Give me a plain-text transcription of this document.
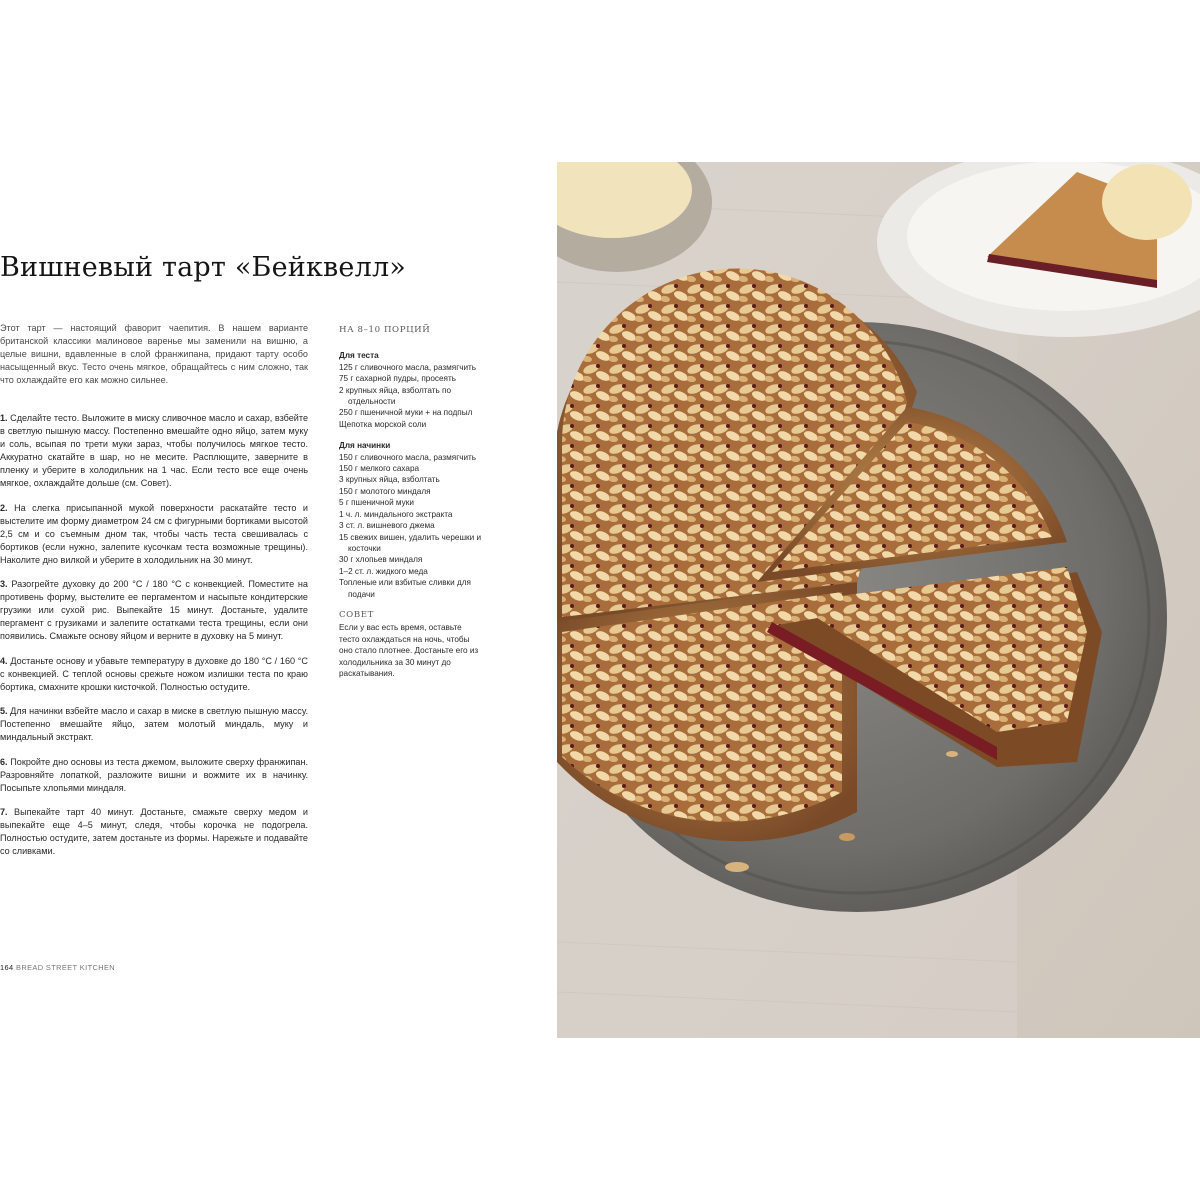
Вишневый тарт «Бейквелл»
Этот тарт — настоящий фаворит чаепития. В нашем варианте британской классики малиновое варенье мы заменили на вишню, а целые вишни, вдавленные в слой франжипана, придают тарту особо насыщенный вкус. Тесто очень мягкое, обращайтесь с ним сложно, так что охлаждайте его как можно сильнее.

1. Сделайте тесто. Выложите в миску сливочное масло и сахар, взбейте в светлую пышную массу. Постепенно вмешайте одно яйцо, затем муку и соль, всыпая по трети муки зараз, чтобы получилось мягкое тесто. Аккуратно скатайте в шар, но не месите. Расплющите, заверните в пленку и уберите в холодильник на 1 час. Если тесто все еще очень мягкое, охлаждайте дольше (см. Совет).

2. На слегка присыпанной мукой поверхности раскатайте тесто и выстелите им форму диаметром 24 см с фигурными бортиками высотой 2,5 см и со съемным дном так, чтобы часть теста свешивалась с бортиков (если нужно, залепите кусочкам теста возможные трещины). Наколите дно вилкой и уберите в холодильник на 30 минут.

3. Разогрейте духовку до 200 °C / 180 °C с конвекцией. Поместите на противень форму, выстелите ее пергаментом и насыпьте кондитерские грузики или сухой рис. Выпекайте 15 минут. Достаньте, удалите пергамент с грузиками и залепите остатками теста трещины, если они появились. Смажьте основу яйцом и верните в духовку на 5 минут.

4. Достаньте основу и убавьте температуру в духовке до 180 °C / 160 °C с конвекцией. С теплой основы срежьте ножом излишки теста по краю бортика, смахните крошки кисточкой. Полностью остудите.

5. Для начинки взбейте масло и сахар в миске в светлую пышную массу. Постепенно вмешайте яйцо, затем молотый миндаль, муку и миндальный экстракт.

6. Покройте дно основы из теста джемом, выложите сверху франжипан. Разровняйте лопаткой, разложите вишни и вожмите их в начинку. Посыпьте хлопьями миндаля.

7. Выпекайте тарт 40 минут. Достаньте, смажьте сверху медом и выпекайте еще 4–5 минут, следя, чтобы корочка не подогрела. Полностью остудите, затем достаньте из формы. Нарежьте и подавайте со сливками.

НА 8–10 ПОРЦИЙ
Для теста
125 г сливочного масла, размягчить
75 г сахарной пудры, просеять
2 крупных яйца, взболтать по отдельности
250 г пшеничной муки + на подпыл
Щепотка морской соли
Для начинки
150 г сливочного масла, размягчить
150 г мелкого сахара
3 крупных яйца, взболтать
150 г молотого миндаля
5 г пшеничной муки
1 ч. л. миндального экстракта
3 ст. л. вишневого джема
15 свежих вишен, удалить черешки и косточки
30 г хлопьев миндаля
1–2 ст. л. жидкого меда
Топленые или взбитые сливки для подачи
СОВЕТ
Если у вас есть время, оставьте тесто охлаждаться на ночь, чтобы оно стало плотнее. Достаньте его из холодильника за 30 минут до раскатывания.
164 BREAD STREET KITCHEN
